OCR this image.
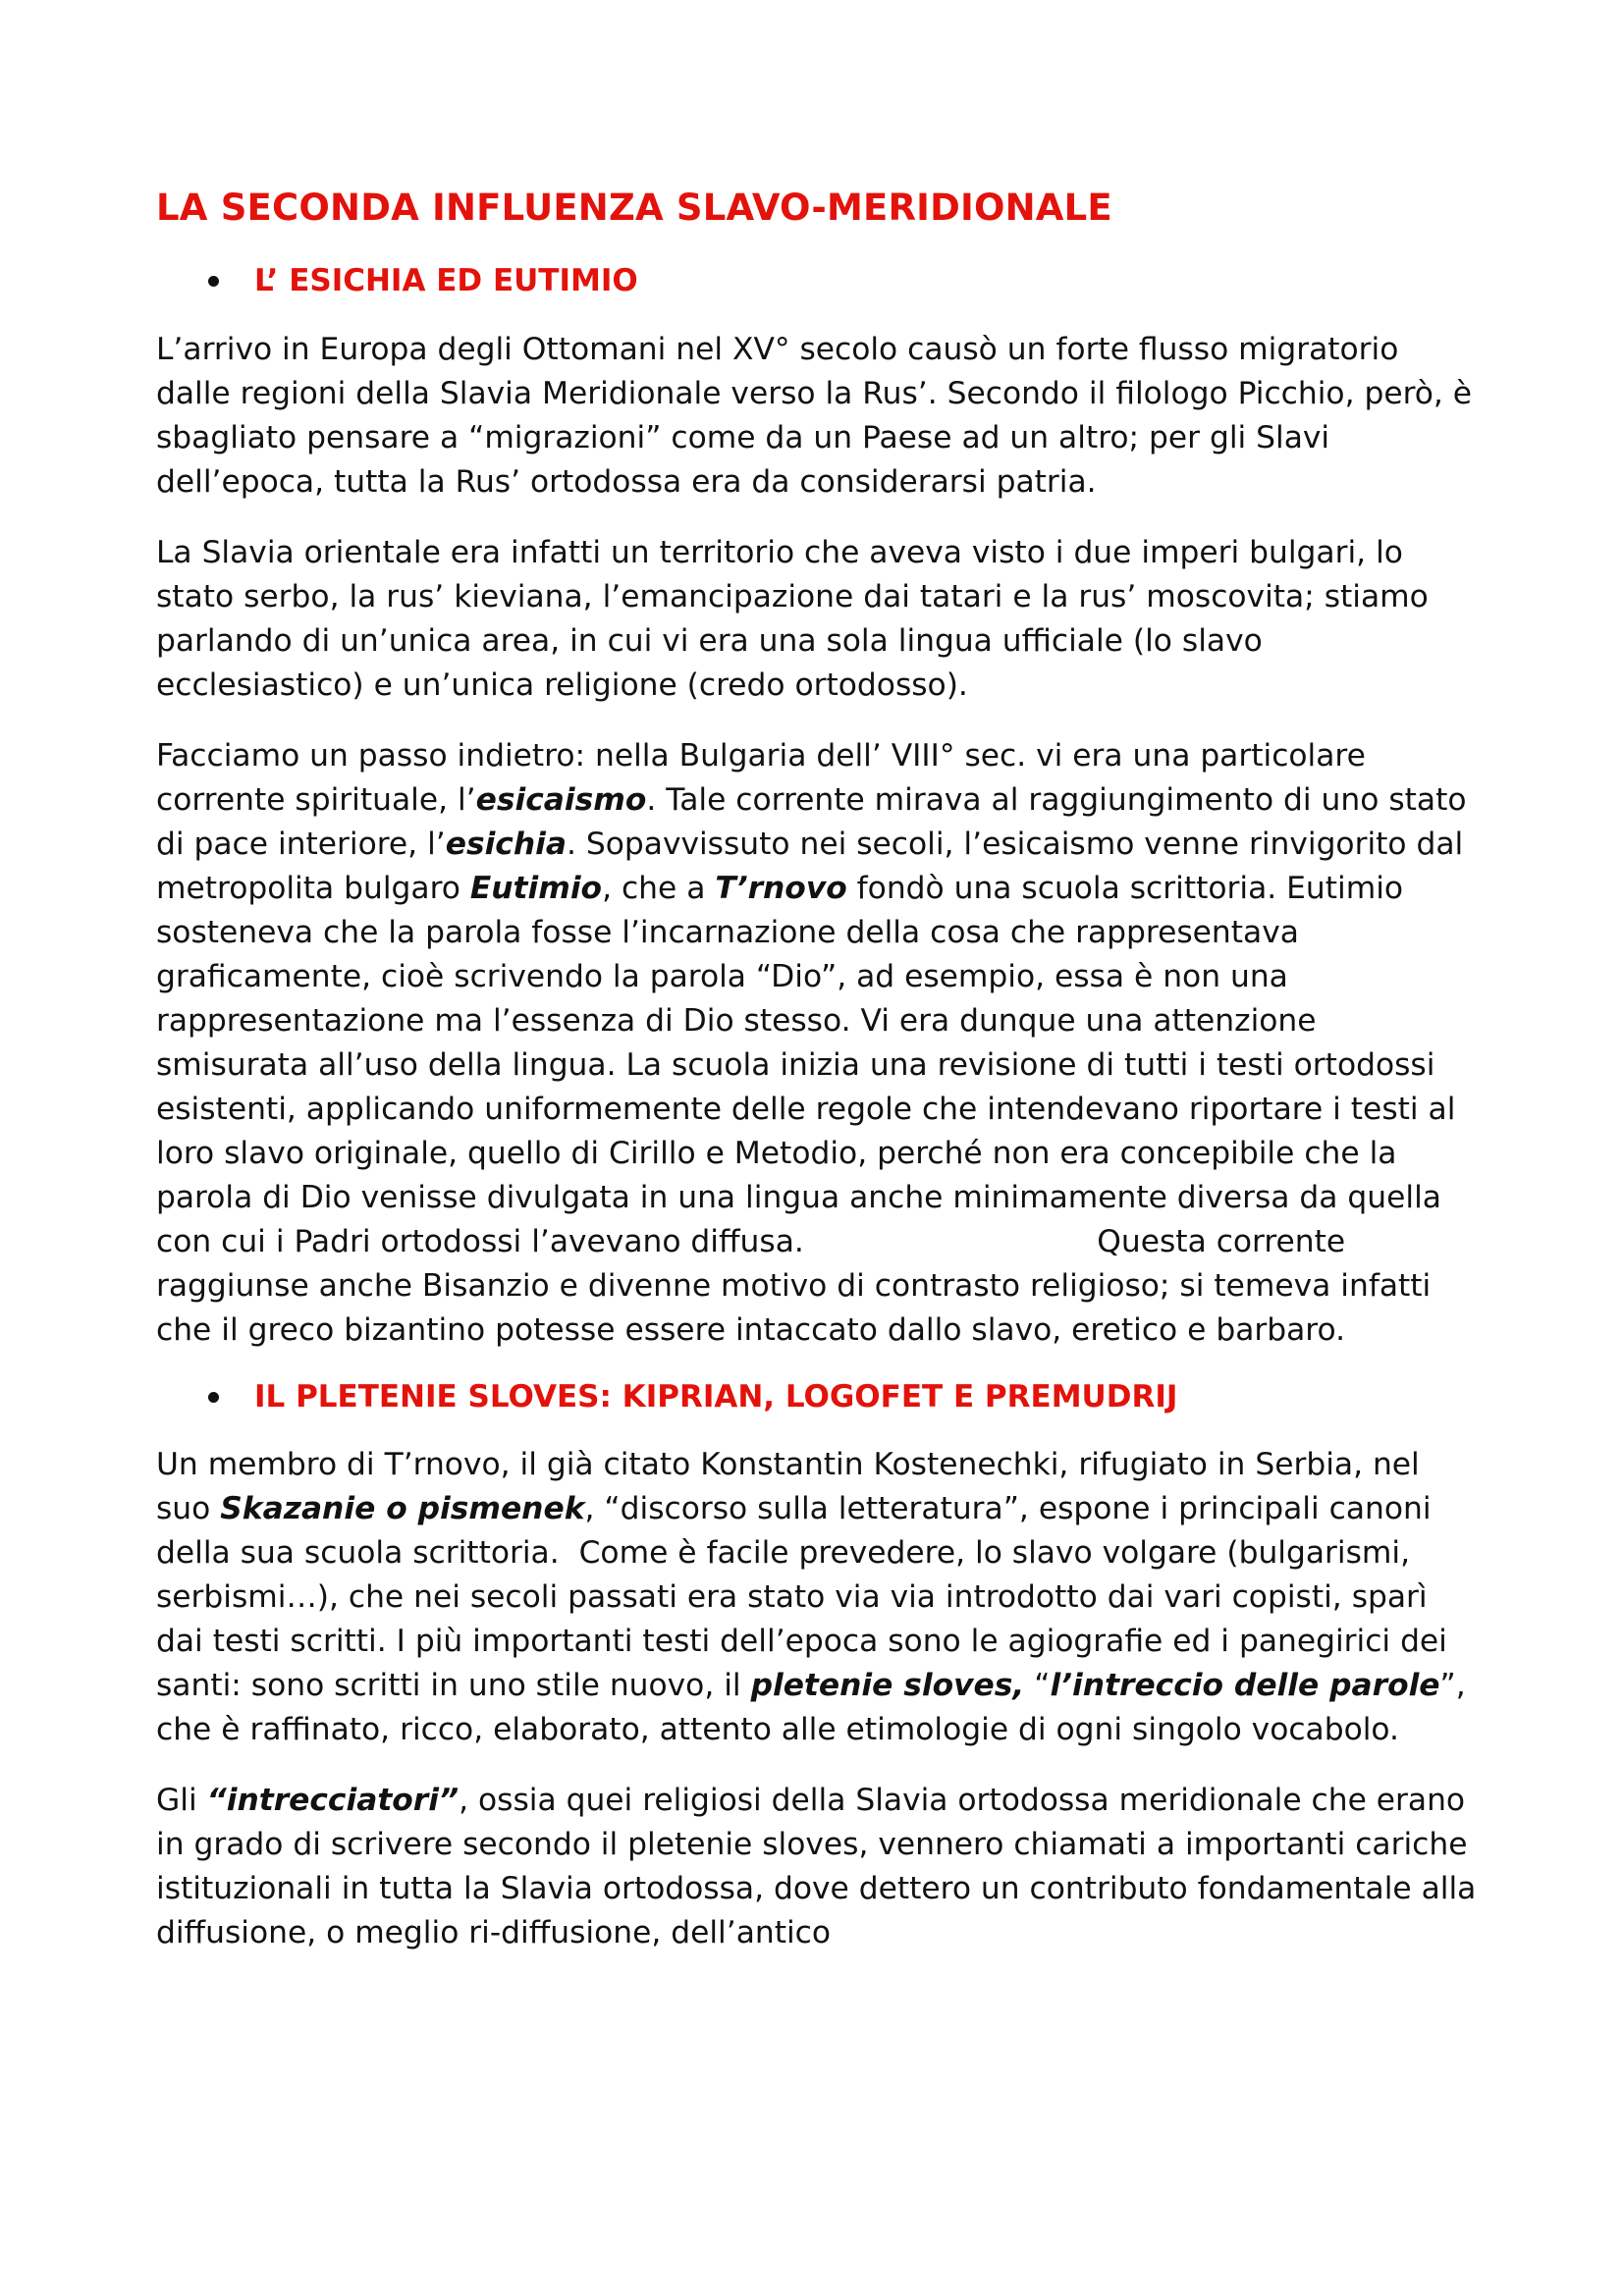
LA SECONDA INFLUENZA SLAVO-MERIDIONALE
L’ ESICHIA ED EUTIMIO

L’arrivo in Europa degli Ottomani nel XV° secolo causò un forte flusso migratorio dalle regioni della Slavia Meridionale verso la Rus’. Secondo il filologo Picchio, però, è sbagliato pensare a “migrazioni” come da un Paese ad un altro; per gli Slavi dell’epoca, tutta la Rus’ ortodossa era da considerarsi patria.

La Slavia orientale era infatti un territorio che aveva visto i due imperi bulgari, lo stato serbo, la rus’ kieviana, l’emancipazione dai tatari e la rus’ moscovita; stiamo parlando di un’unica area, in cui vi era una sola lingua ufficiale (lo slavo ecclesiastico) e un’unica religione (credo ortodosso).

Facciamo un passo indietro: nella Bulgaria dell’ VIII° sec. vi era una particolare corrente spirituale, l’esicaismo. Tale corrente mirava al raggiungimento di uno stato di pace interiore, l’esichia. Sopavvissuto nei secoli, l’esicaismo venne rinvigorito dal metropolita bulgaro Eutimio, che a T’rnovo fondò una scuola scrittoria. Eutimio sosteneva che la parola fosse l’incarnazione della cosa che rappresentava graficamente, cioè scrivendo la parola “Dio”, ad esempio, essa è non una rappresentazione ma l’essenza di Dio stesso. Vi era dunque una attenzione smisurata all’uso della lingua. La scuola inizia una revisione di tutti i testi ortodossi esistenti, applicando uniformemente delle regole che intendevano riportare i testi al loro slavo originale, quello di Cirillo e Metodio, perché non era concepibile che la parola di Dio venisse divulgata in una lingua anche minimamente diversa da quella con cui i Padri ortodossi l’avevano diffusa.                              Questa corrente raggiunse anche Bisanzio e divenne motivo di contrasto religioso; si temeva infatti che il greco bizantino potesse essere intaccato dallo slavo, eretico e barbaro.

IL PLETENIE SLOVES: KIPRIAN, LOGOFET E PREMUDRIJ

Un membro di T’rnovo, il già citato Konstantin Kostenechki, rifugiato in Serbia, nel suo Skazanie o pismenek, “discorso sulla letteratura”, espone i principali canoni della sua scuola scrittoria.  Come è facile prevedere, lo slavo volgare (bulgarismi, serbismi…), che nei secoli passati era stato via via introdotto dai vari copisti, sparì dai testi scritti. I più importanti testi dell’epoca sono le agiografie ed i panegirici dei santi: sono scritti in uno stile nuovo, il pletenie sloves, “l’intreccio delle parole”, che è raffinato, ricco, elaborato, attento alle etimologie di ogni singolo vocabolo.

Gli “intrecciatori”, ossia quei religiosi della Slavia ortodossa meridionale che erano in grado di scrivere secondo il pletenie sloves, vennero chiamati a importanti cariche istituzionali in tutta la Slavia ortodossa, dove dettero un contributo fondamentale alla diffusione, o meglio ri-diffusione, dell’antico
